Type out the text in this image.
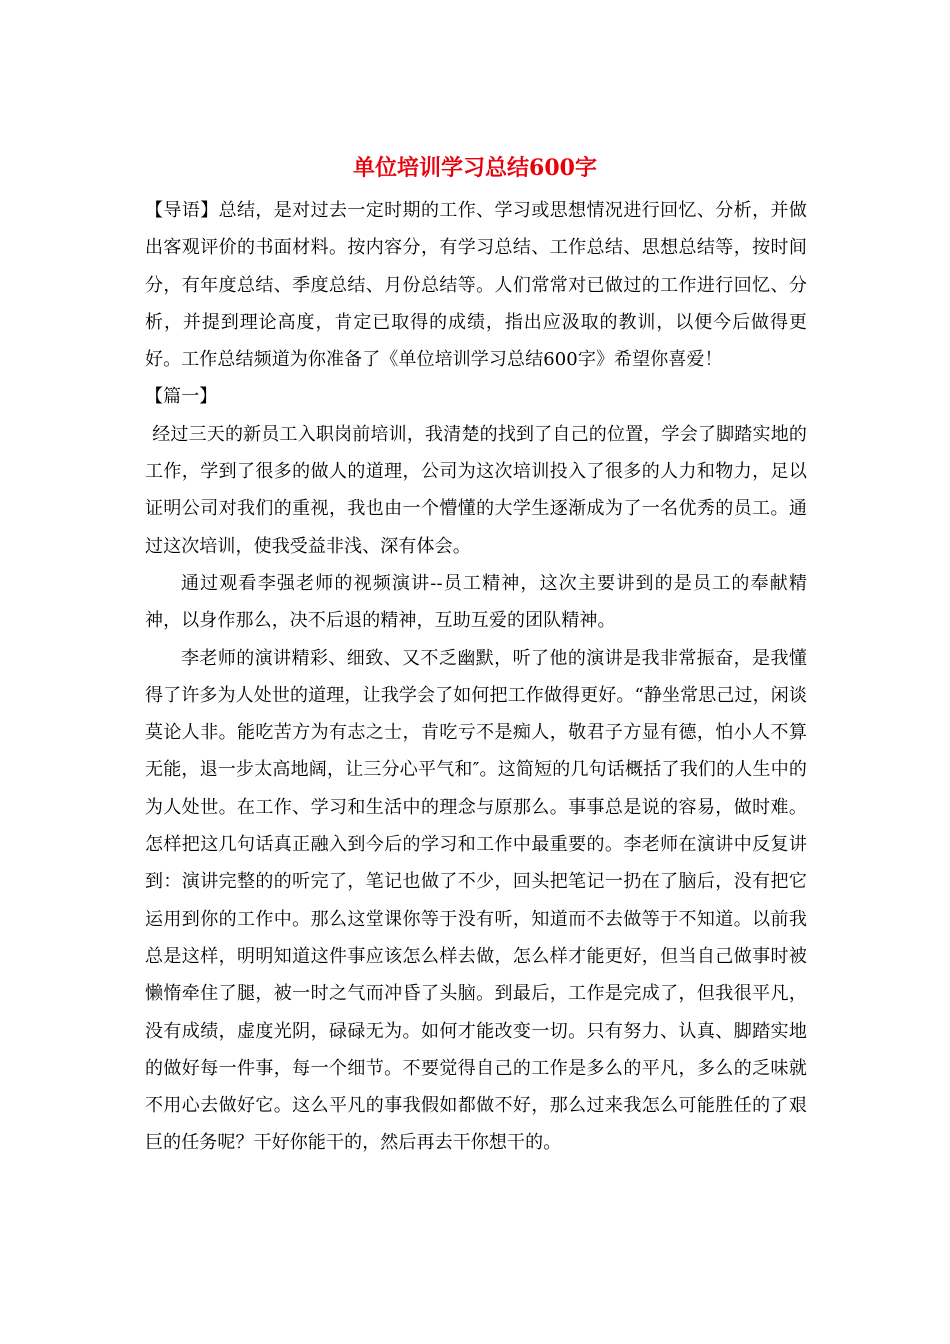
单位培训学习总结600字

【导语】总结，是对过去一定时期的工作、学习或思想情况进行回忆、分析，并做出客观评价的书面材料。按内容分，有学习总结、工作总结、思想总结等，按时间分，有年度总结、季度总结、月份总结等。人们常常对已做过的工作进行回忆、分析，并提到理论高度，肯定已取得的成绩，指出应汲取的教训，以便今后做得更好。工作总结频道为你准备了《单位培训学习总结600字》希望你喜爱！

【篇一】

经过三天的新员工入职岗前培训，我清楚的找到了自己的位置，学会了脚踏实地的工作，学到了很多的做人的道理，公司为这次培训投入了很多的人力和物力，足以证明公司对我们的重视，我也由一个懵懂的大学生逐渐成为了一名优秀的员工。通过这次培训，使我受益非浅、深有体会。

通过观看李强老师的视频演讲--员工精神，这次主要讲到的是员工的奉献精神，以身作那么，决不后退的精神，互助互爱的团队精神。

李老师的演讲精彩、细致、又不乏幽默，听了他的演讲是我非常振奋，是我懂得了许多为人处世的道理，让我学会了如何把工作做得更好。“静坐常思己过，闲谈莫论人非。能吃苦方为有志之士，肯吃亏不是痴人，敬君子方显有德，怕小人不算无能，退一步太高地阔，让三分心平气和″。这简短的几句话概括了我们的人生中的为人处世。在工作、学习和生活中的理念与原那么。事事总是说的容易，做时难。怎样把这几句话真正融入到今后的学习和工作中最重要的。李老师在演讲中反复讲到：演讲完整的的听完了，笔记也做了不少，回头把笔记一扔在了脑后，没有把它运用到你的工作中。那么这堂课你等于没有听，知道而不去做等于不知道。以前我总是这样，明明知道这件事应该怎么样去做，怎么样才能更好，但当自己做事时被懒惰牵住了腿，被一时之气而冲昏了头脑。到最后，工作是完成了，但我很平凡，没有成绩，虚度光阴，碌碌无为。如何才能改变一切。只有努力、认真、脚踏实地的做好每一件事，每一个细节。不要觉得自己的工作是多么的平凡，多么的乏味就不用心去做好它。这么平凡的事我假如都做不好，那么过来我怎么可能胜任的了艰巨的任务呢？干好你能干的，然后再去干你想干的。
